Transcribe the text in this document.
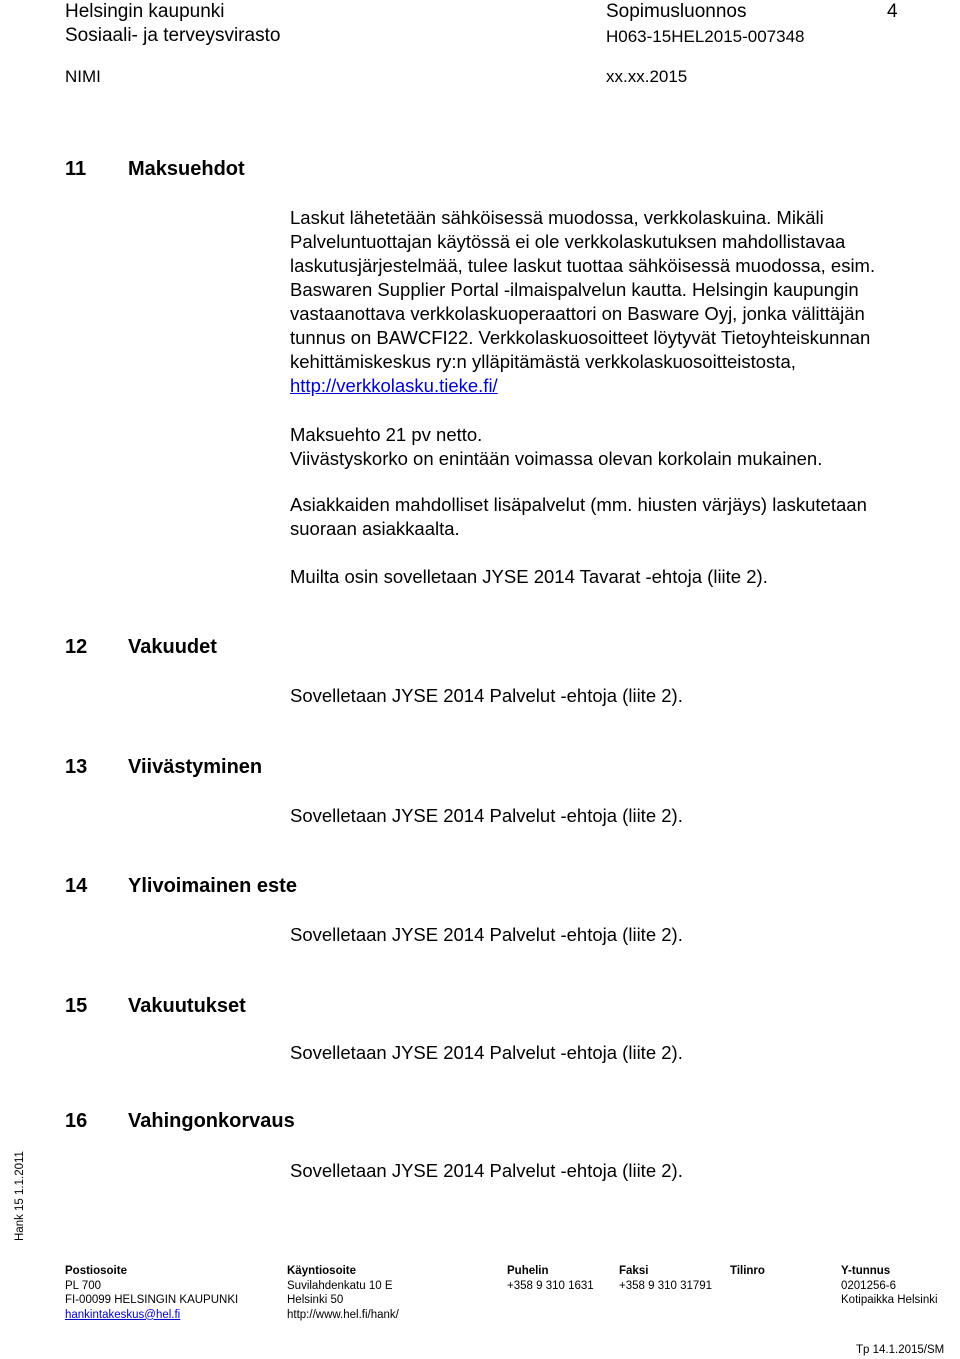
Helsingin kaupunki
Sosiaali- ja terveysvirasto
Sopimusluonnos	4
H063-15HEL2015-007348
NIMI	xx.xx.2015
11 Maksuehdot
Laskut lähetetään sähköisessä muodossa, verkkolaskuina. Mikäli
Palveluntuottajan käytössä ei ole verkkolaskutuksen mahdollistavaa
laskutusjärjestelmää, tulee laskut tuottaa sähköisessä muodossa, esim.
Baswaren Supplier Portal -ilmaispalvelun kautta. Helsingin kaupungin
vastaanottava verkkolaskuoperaattori on Basware Oyj, jonka välittäjän
tunnus on BAWCFI22. Verkkolaskuosoitteet löytyvät Tietoyhteiskunnan
kehittämiskeskus ry:n ylläpitämästä verkkolaskuosoitteistosta,
http://verkkolasku.tieke.fi/
Maksuehto 21 pv netto.
Viivästyskorko on enintään voimassa olevan korkolain mukainen.
Asiakkaiden mahdolliset lisäpalvelut (mm. hiusten värjäys) laskutetaan
suoraan asiakkaalta.
Muilta osin sovelletaan JYSE 2014 Tavarat -ehtoja (liite 2).
12 Vakuudet
Sovelletaan JYSE 2014 Palvelut -ehtoja (liite 2).
13 Viivästyminen
Sovelletaan JYSE 2014 Palvelut -ehtoja (liite 2).
14 Ylivoimainen este
Sovelletaan JYSE 2014 Palvelut -ehtoja (liite 2).
15 Vakuutukset
Sovelletaan JYSE 2014 Palvelut -ehtoja (liite 2).
16 Vahingonkorvaus
Sovelletaan JYSE 2014 Palvelut -ehtoja (liite 2).
Hank 15 1.1.2011
Postiosoite
PL 700
FI-00099 HELSINGIN KAUPUNKI
hankintakeskus@hel.fi
Käyntiosoite
Suvilahdenkatu 10 E
Helsinki 50
http://www.hel.fi/hank/
Puhelin
+358 9 310 1631
Faksi
+358 9 310 31791
Tilinro	Y-tunnus
0201256-6
Kotipaikka Helsinki
Tp 14.1.2015/SM
